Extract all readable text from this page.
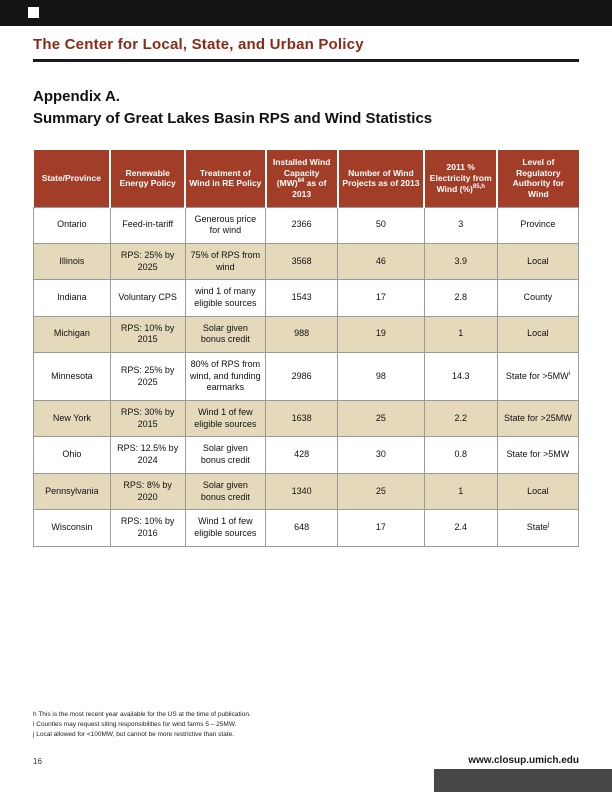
The Center for Local, State, and Urban Policy
Appendix A.
Summary of Great Lakes Basin RPS and Wind Statistics
State/Province	Renewable Energy Policy	Treatment of Wind in RE Policy	Installed Wind Capacity (MW)$^{84}$ as of 2013	Number of Wind Projects as of 2013	2011 % Electricity from Wind (%)$^{85,h}$	Level of Regulatory Authority for Wind
Ontario	Feed-in-tariff	Generous price for wind	2366	50	3	Province
Illinois	RPS: 25% by 2025	75% of RPS from wind	3568	46	3.9	Local
Indiana	Voluntary CPS	wind 1 of many eligible sources	1543	17	2.8	County
Michigan	RPS: 10% by 2015	Solar given bonus credit	988	19	1	Local
Minnesota	RPS: 25% by 2025	80% of RPS from wind, and funding earmarks	2986	98	14.3	State for $>5MW^i$
New York	RPS: 30% by 2015	Wind 1 of few eligible sources	1638	25	2.2	State for >25MW
Ohio	RPS: 12.5% by 2024	Solar given bonus credit	428	30	0.8	State for >5MW
Pennsylvania	RPS: 8% by 2020	Solar given bonus credit	1340	25	1	Local
Wisconsin	RPS: 10% by 2016	Wind 1 of few eligible sources	648	17	2.4	State$^j$
h This is the most recent year available for the US at the time of publication.
i Counties may request siting responsibilities for wind farms 5 – 25MW.
j Local allowed for <100MW, but cannot be more restrictive than state.
16	www.closup.umich.edu
